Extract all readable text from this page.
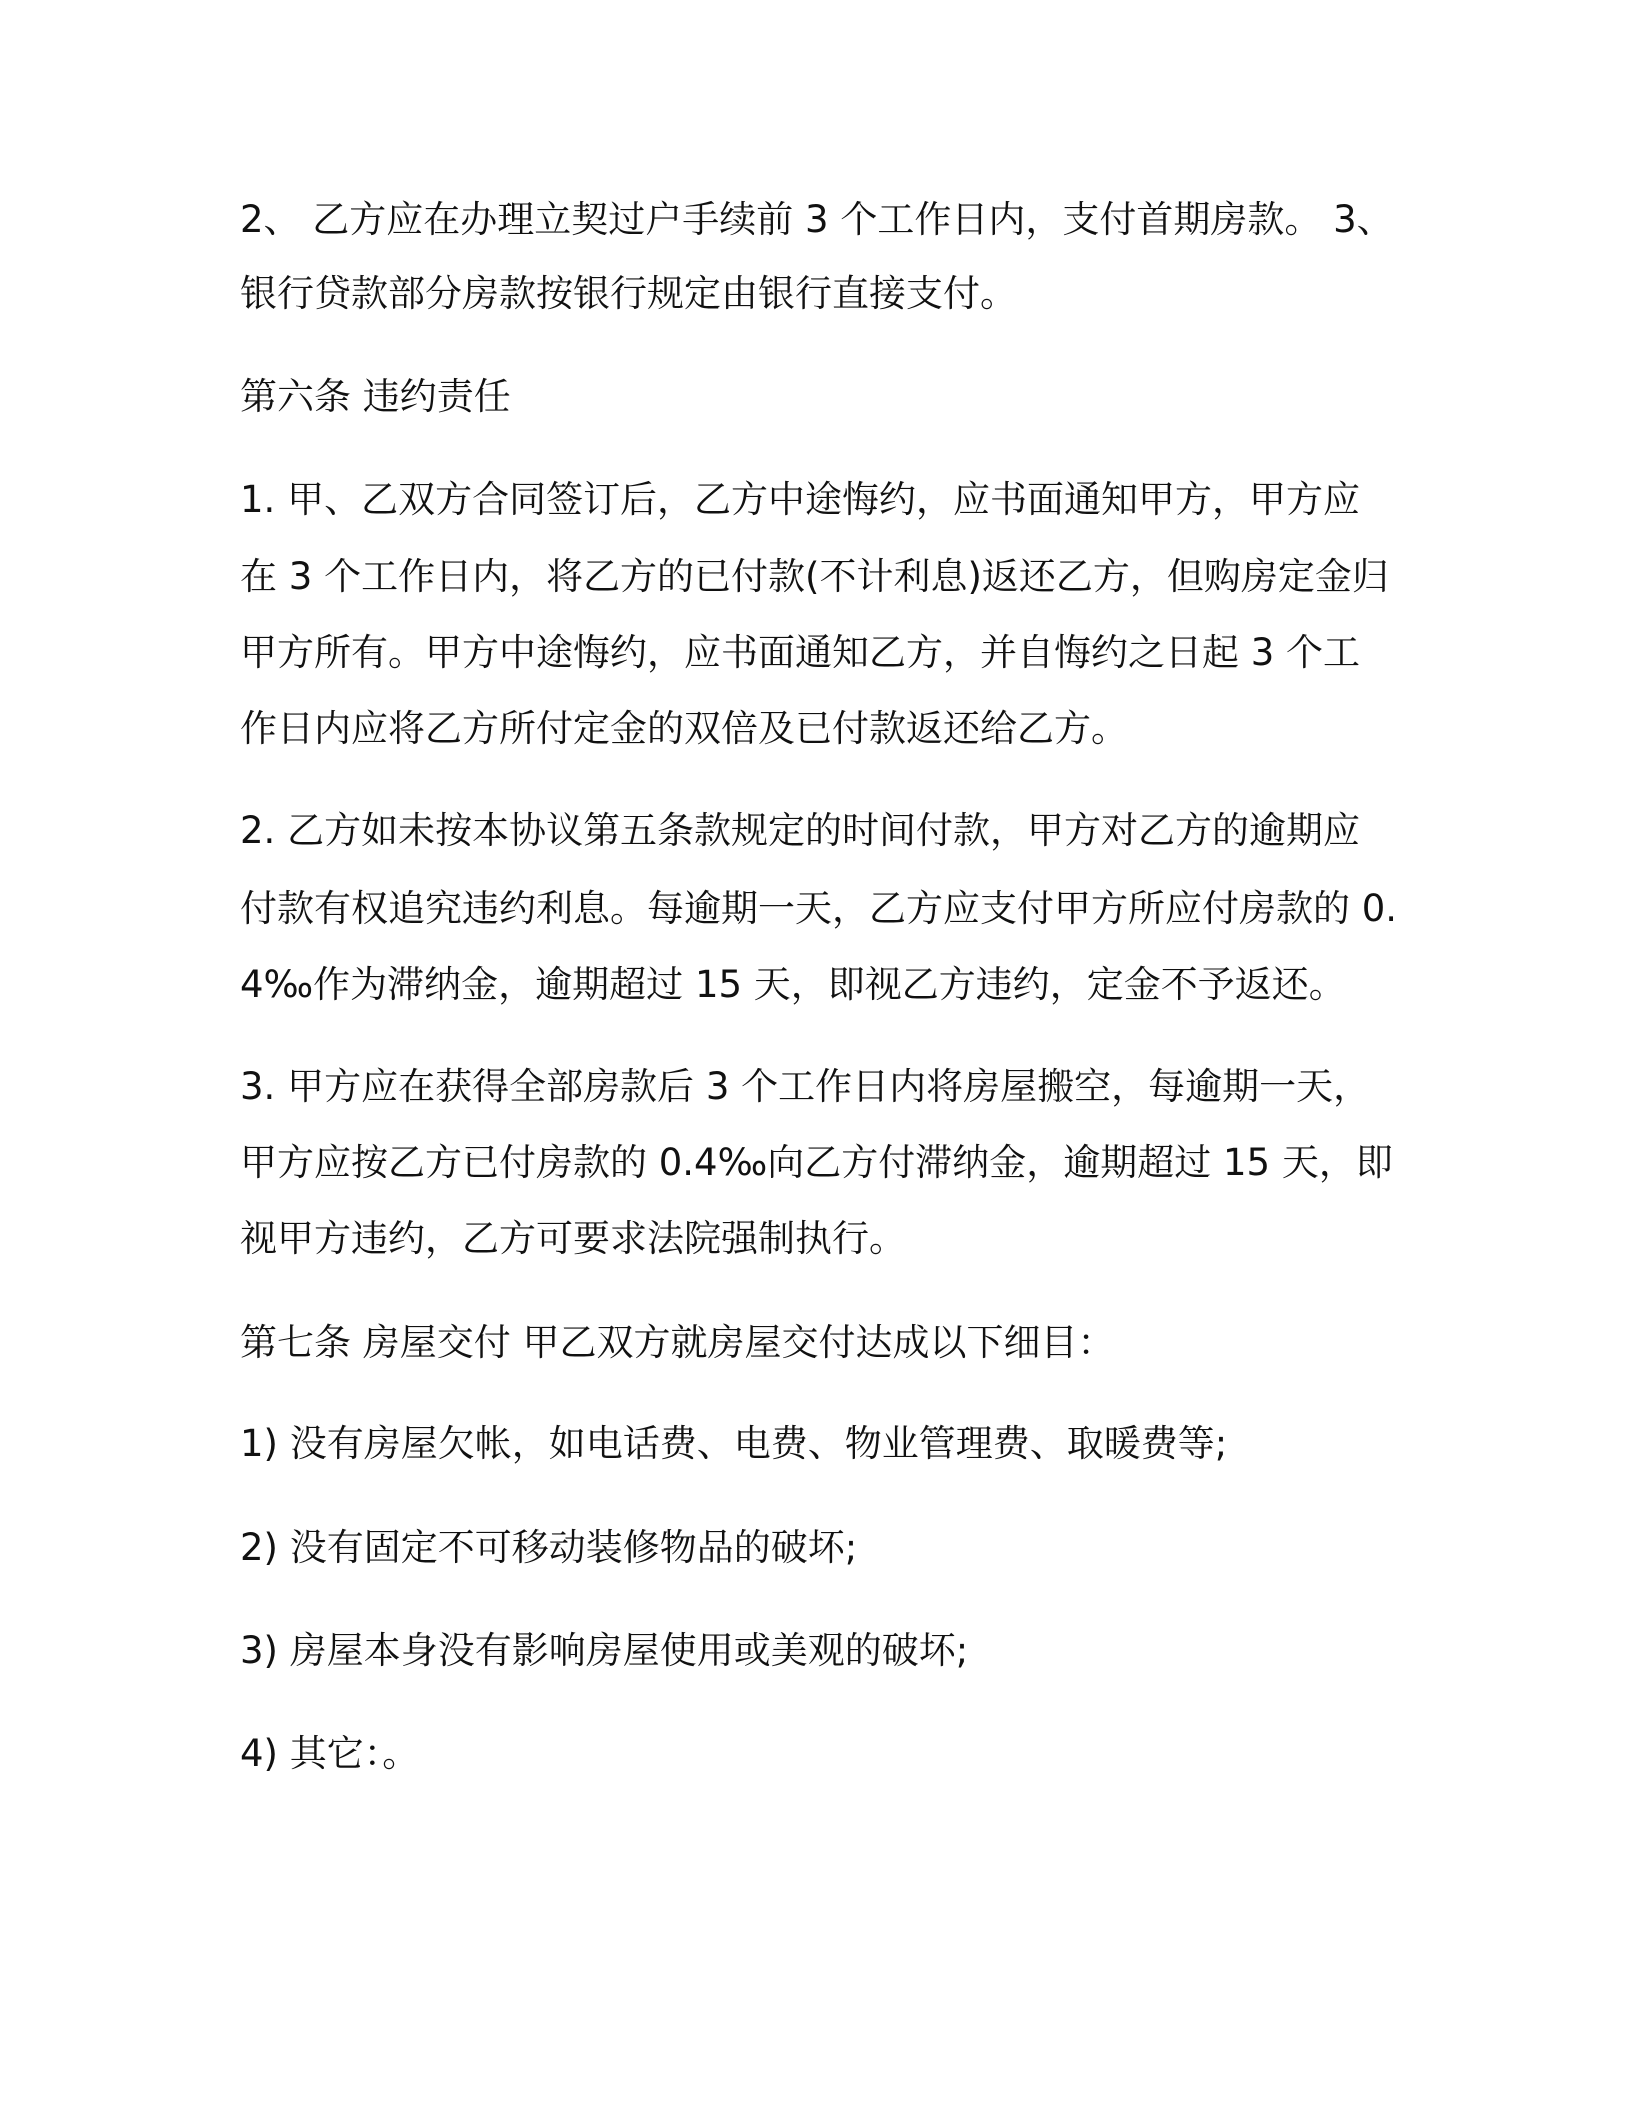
2、 乙方应在办理立契过户手续前 3 个工作日内，支付首期房款。 3、

银行贷款部分房款按银行规定由银行直接支付。

第六条 违约责任

1. 甲、乙双方合同签订后，乙方中途悔约，应书面通知甲方，甲方应

在 3 个工作日内，将乙方的已付款(不计利息)返还乙方，但购房定金归

甲方所有。甲方中途悔约，应书面通知乙方，并自悔约之日起 3 个工

作日内应将乙方所付定金的双倍及已付款返还给乙方。

2. 乙方如未按本协议第五条款规定的时间付款，甲方对乙方的逾期应

付款有权追究违约利息。每逾期一天，乙方应支付甲方所应付房款的 0.

4‰作为滞纳金，逾期超过 15 天，即视乙方违约，定金不予返还。

3. 甲方应在获得全部房款后 3 个工作日内将房屋搬空，每逾期一天，

甲方应按乙方已付房款的 0.4‰向乙方付滞纳金，逾期超过 15 天，即

视甲方违约，乙方可要求法院强制执行。

第七条 房屋交付 甲乙双方就房屋交付达成以下细目：

1) 没有房屋欠帐，如电话费、电费、物业管理费、取暖费等;

2) 没有固定不可移动装修物品的破坏;

3) 房屋本身没有影响房屋使用或美观的破坏;

4) 其它：。
